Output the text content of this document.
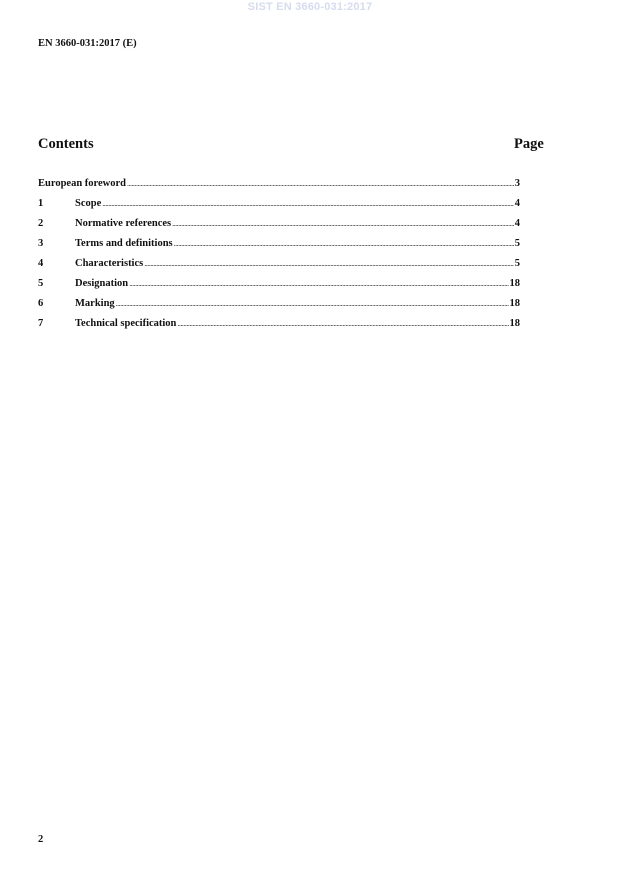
SIST EN 3660-031:2017
EN 3660-031:2017 (E)
Contents	Page
European foreword .....	3
1	Scope .....	4
2	Normative references .....	4
3	Terms and definitions .....	5
4	Characteristics .....	5
5	Designation .....	18
6	Marking .....	18
7	Technical specification .....	18
2
